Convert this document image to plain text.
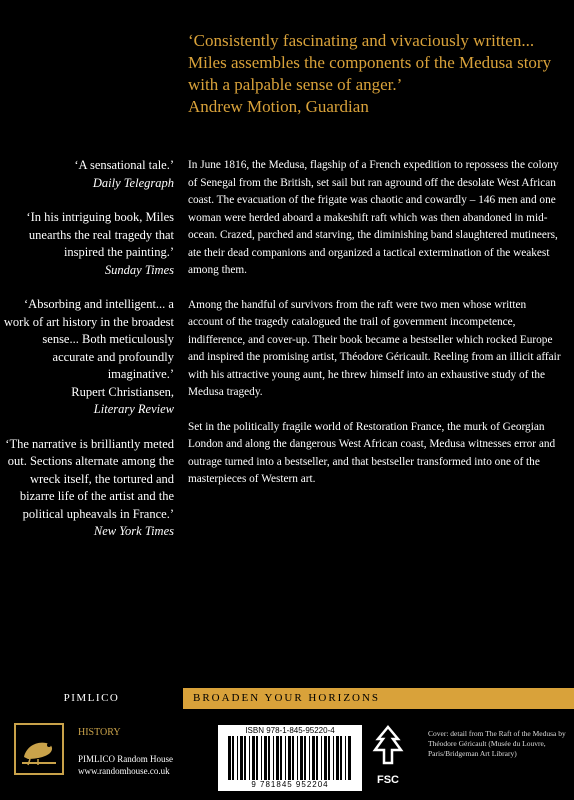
‘Consistently fascinating and vivaciously written... Miles assembles the components of the Medusa story with a palpable sense of anger.’
Andrew Motion, Guardian
‘A sensational tale.’
Daily Telegraph
‘In his intriguing book, Miles unearths the real tragedy that inspired the painting.’
Sunday Times
‘Absorbing and intelligent... a work of art history in the broadest sense... Both meticulously accurate and profoundly imaginative.’
Rupert Christiansen,
Literary Review
‘The narrative is brilliantly meted out. Sections alternate among the wreck itself, the tortured and bizarre life of the artist and the political upheavals in France.’
New York Times

In June 1816, the Medusa, flagship of a French expedition to repossess the colony of Senegal from the British, set sail but ran aground off the desolate West African coast. The evacuation of the frigate was chaotic and cowardly – 146 men and one woman were herded aboard a makeshift raft which was then abandoned in mid-ocean. Crazed, parched and starving, the diminishing band slaughtered mutineers, ate their dead companions and organized a tactical extermination of the weakest among them.

Among the handful of survivors from the raft were two men whose written account of the tragedy catalogued the trail of government incompetence, indifference, and cover-up. Their book became a bestseller which rocked Europe and inspired the promising artist, Théodore Géricault. Reeling from an illicit affair with his attractive young aunt, he threw himself into an exhaustive study of the Medusa tragedy.

Set in the politically fragile world of Restoration France, the murk of Georgian London and along the dangerous West African coast, Medusa witnesses error and outrage turned into a bestseller, and that bestseller transformed into one of the masterpieces of Western art.

PIMLICO	BROADEN YOUR HORIZONS
HISTORY
PIMLICO Random House
www.randomhouse.co.uk
ISBN 978-1-845-95220-4
9 781845 952204	FSC
Cover: detail from The Raft of the Medusa by Théodore Géricault (Musée du Louvre, Paris/Bridgeman Art Library)
